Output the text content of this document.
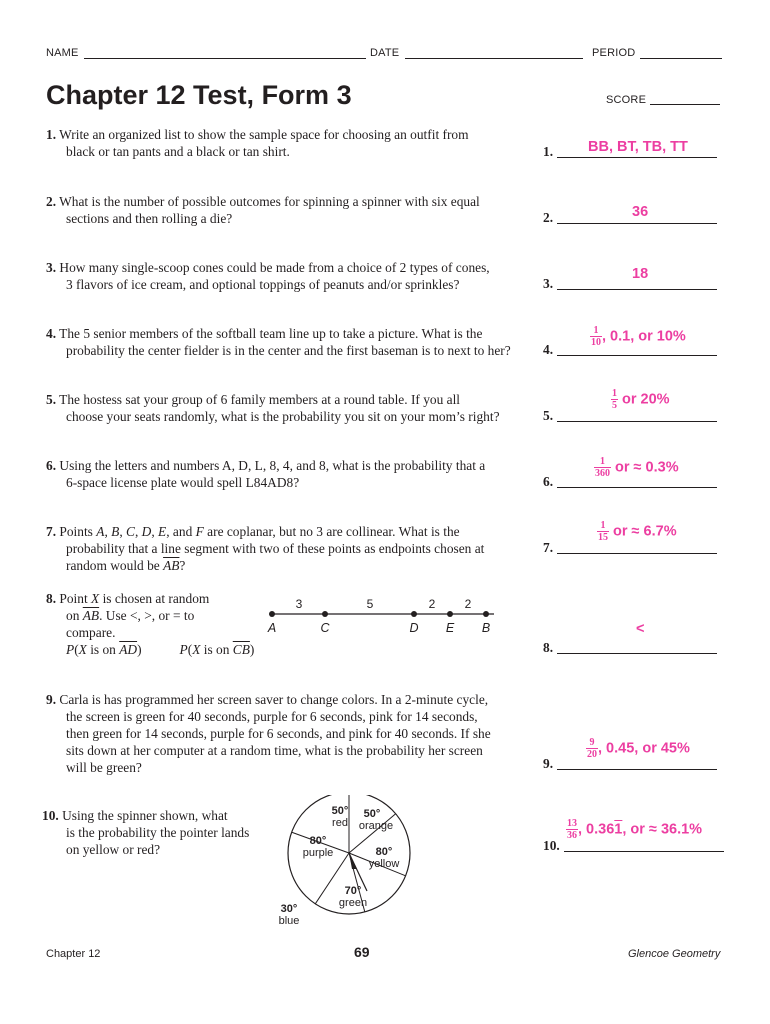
NAME	DATE	PERIOD
Chapter 12 Test, Form 3	SCORE
1. Write an organized list to show the sample space for choosing an outfit from
black or tan pants and a black or tan shirt.
2. What is the number of possible outcomes for spinning a spinner with six equal
sections and then rolling a die?
3. How many single-scoop cones could be made from a choice of 2 types of cones,
3 flavors of ice cream, and optional toppings of peanuts and/or sprinkles?
4. The 5 senior members of the softball team line up to take a picture. What is the
probability the center fielder is in the center and the first baseman is to next to her?
5. The hostess sat your group of 6 family members at a round table. If you all
choose your seats randomly, what is the probability you sit on your mom’s right?
6. Using the letters and numbers A, D, L, 8, 4, and 8, what is the probability that a
6-space license plate would spell L84AD8?
7. Points A, B, C, D, E, and F are coplanar, but no 3 are collinear. What is the
probability that a line segment with two of these points as endpoints chosen at
random would be $\overline{AB}$?
8. Point X is chosen at random
on $\overline{AB}$. Use <, >, or = to
compare.
P(X is on $\overline{AD}$)	P(X is on $\overline{CB}$)
3	5	2 2
A	C	D E B
9. Carla is has programmed her screen saver to change colors. In a 2-minute cycle,
the screen is green for 40 seconds, purple for 6 seconds, pink for 14 seconds,
then green for 14 seconds, purple for 6 seconds, and pink for 40 seconds. If she
sits down at her computer at a random time, what is the probability her screen
will be green?
10. Using the spinner shown, what
is the probability the pointer lands
on yellow or red?
50°
red
50°
orange
80°
yellow
70°
green
30°
blue
80°
purple
1.
2.
3.
4.
5.
6.
7.
8.
9.
10.
BB, BT, TB, TT
36
18
$\frac{1}{10}$ , 0.1, or 10%
$\frac{1}{5}$ or 20%
$\frac{1}{360}$ or ≈ 0.3%
$\frac{1}{15}$ or ≈ 6.7%
<
$\frac{9}{20}$ , 0.45, or 45%
$\frac{13}{36}$ , 0.361, or ≈ 36.1%
Chapter 12	69	Glencoe Geometry
